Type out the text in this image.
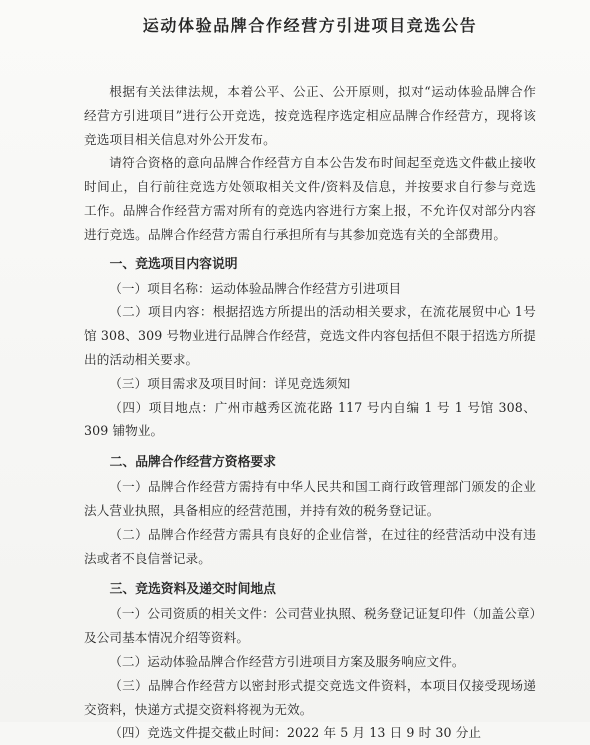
运动体验品牌合作经营方引进项目竞选公告

根据有关法律法规，本着公平、公正、公开原则，拟对“运动体验品牌合作经营方引进项目”进行公开竞选，按竞选程序选定相应品牌合作经营方，现将该竞选项目相关信息对外公开发布。

请符合资格的意向品牌合作经营方自本公告发布时间起至竞选文件截止接收时间止，自行前往竞选方处领取相关文件/资料及信息，并按要求自行参与竞选工作。品牌合作经营方需对所有的竞选内容进行方案上报，不允许仅对部分内容进行竞选。品牌合作经营方需自行承担所有与其参加竞选有关的全部费用。

一、竞选项目内容说明

（一）项目名称：运动体验品牌合作经营方引进项目

（二）项目内容：根据招选方所提出的活动相关要求，在流花展贸中心 1号馆 308、309 号物业进行品牌合作经营，竞选文件内容包括但不限于招选方所提出的活动相关要求。

（三）项目需求及项目时间：详见竞选须知

（四）项目地点：广州市越秀区流花路 117 号内自编 1 号 1 号馆 308、309 铺物业。

二、品牌合作经营方资格要求

（一）品牌合作经营方需持有中华人民共和国工商行政管理部门颁发的企业法人营业执照，具备相应的经营范围，并持有效的税务登记证。

（二）品牌合作经营方需具有良好的企业信誉，在过往的经营活动中没有违法或者不良信誉记录。

三、竞选资料及递交时间地点

（一）公司资质的相关文件：公司营业执照、税务登记证复印件（加盖公章）及公司基本情况介绍等资料。

（二）运动体验品牌合作经营方引进项目方案及服务响应文件。

（三）品牌合作经营方以密封形式提交竞选文件资料，本项目仅接受现场递交资料，快递方式提交资料将视为无效。

（四）竞选文件提交截止时间：2022 年 5 月 13 日 9 时 30 分止
